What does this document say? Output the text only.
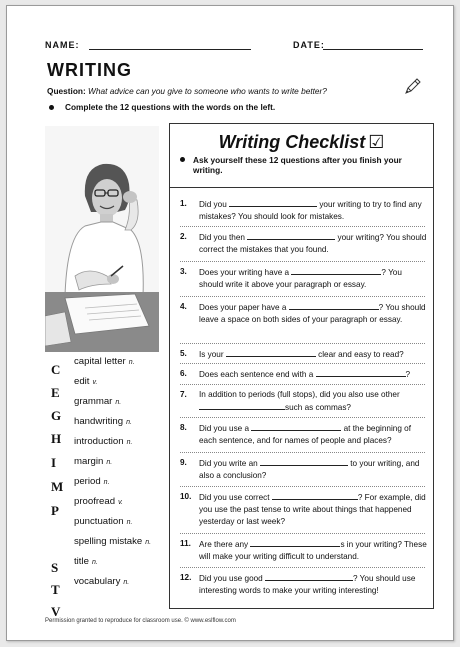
NAME:	DATE:
WRITING
Question: What advice can you give to someone who wants to write better?
Complete the 12 questions with the words on the left.
C
E
G
H
I
M
P
S
T
V
capital letter n.
edit v.
grammar n.
handwriting n.
introduction n.
margin n.
period n.
proofread v.
punctuation n.
spelling mistake n.
title n.
vocabulary n.
Writing Checklist ☑
Ask yourself these 12 questions after you finish your writing.
1. Did you	your writing to try to find any mistakes? You should look for mistakes.
2. Did you then	your writing? You should correct the mistakes that you found.
3. Does your writing have a	? You should write it above your paragraph or essay.
4. Does your paper have a	? You should leave a space on both sides of your paragraph or essay.
5. Is your	clear and easy to read?
6. Does each sentence end with a	?
7. In addition to periods (full stops), did you also use other such as commas?
8. Did you use a	at the beginning of each sentence, and for names of people and places?
9. Did you write an	to your writing, and also a conclusion?
10. Did you use correct	? For example, did you use the past tense to write about things that happened yesterday or last week?
11. Are there any	s in your writing? These will make your writing difficult to understand.
12. Did you use good	? You should use interesting words to make your writing interesting!
Permission granted to reproduce for classroom use. © www.eslflow.com
